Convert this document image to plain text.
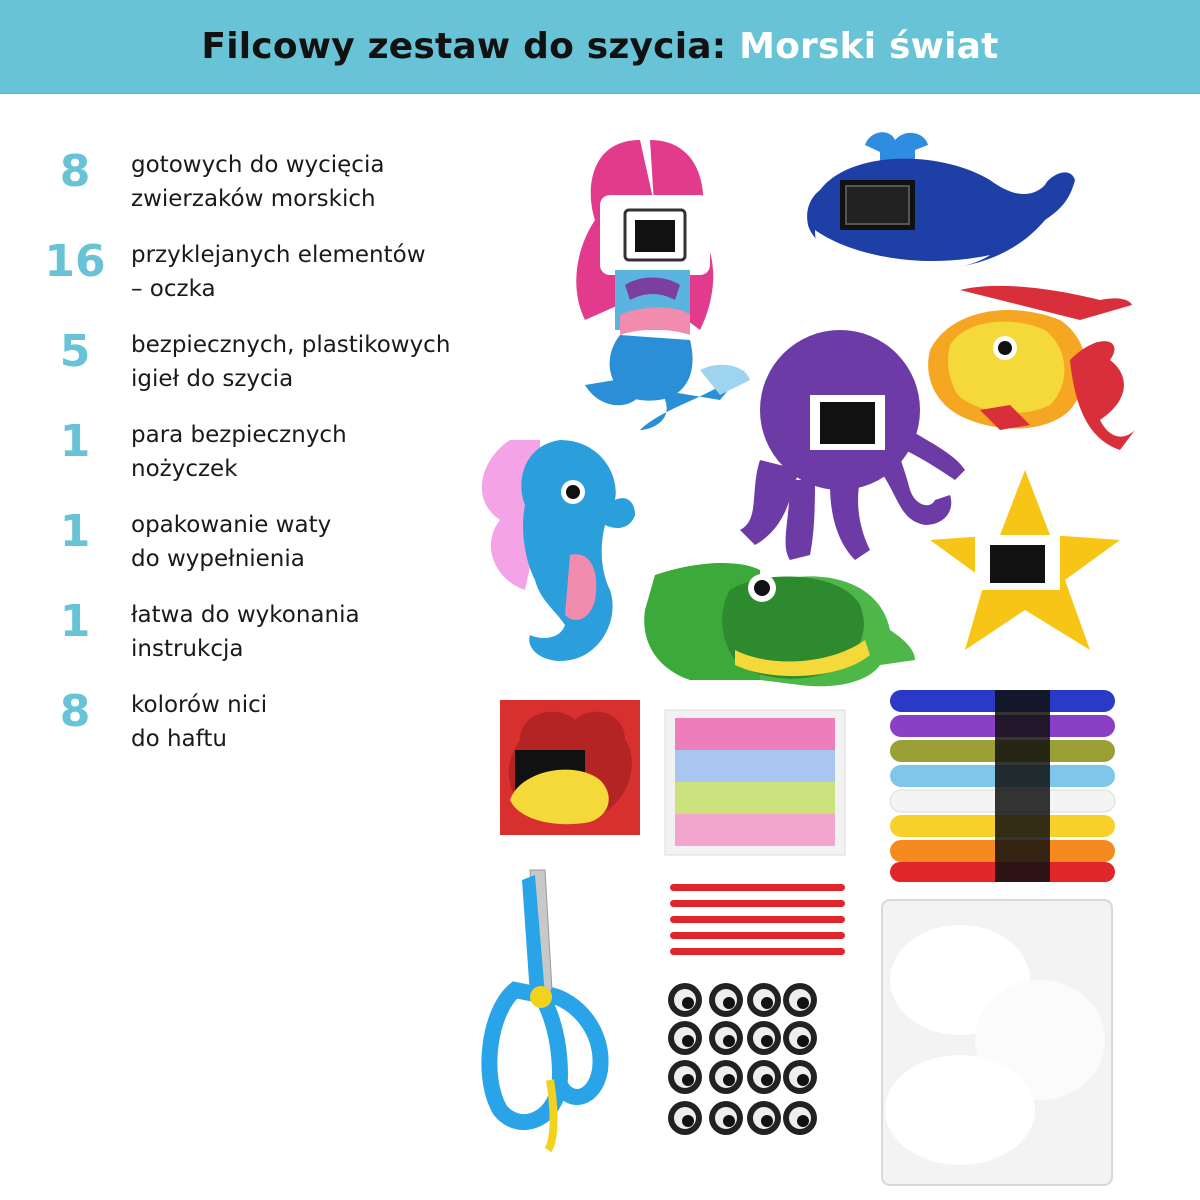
Filcowy zestaw do szycia: Morski świat
8	gotowych do wycięcia
zwierzaków morskich
16	przyklejanych elementów
– oczka
5	bezpiecznych, plastikowych
igieł do szycia
1	para bezpiecznych
nożyczek
1	opakowanie waty
do wypełnienia
1	łatwa do wykonania
instrukcja
8	kolorów nici
do haftu
